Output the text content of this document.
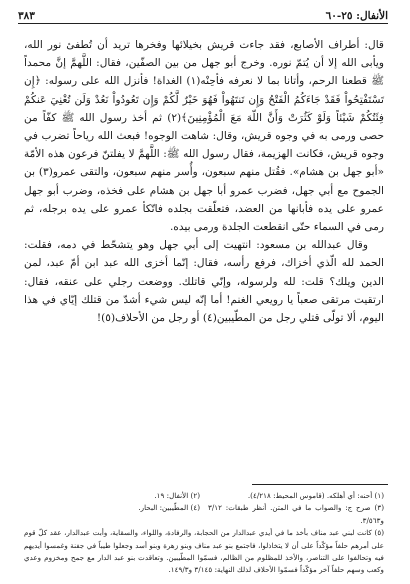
الأنفال: ٢٥-٦٠
٣٨٣

قال: أطراف الأصابع، فقد جاءت قريش بخيلائها وفخرها تريد أن تُطفئ نور الله، ويأبى الله إلا أن يُتمّ نوره. وخرج أبو جهل من بين الصفّين، فقال: اللَّهمَّ إنَّ محمداً ﷺ قطعنا الرحم، وأتانا بما لا نعرفه فأحِنْه(١) الغداة! فأنزل الله على رسوله: ﴿إِن تَسْتَفْتِحُواْ فَقَدْ جَاءَكُمُ الْفَتْحُ وَإِن تَنتَهُواْ فَهُوَ خَيْرٌ لَّكُمْ وَإِن تَعُودُواْ نَعُدْ وَلَن تُغْنِيَ عَنكُمْ فِئَتُكُمْ شَيْئاً وَلَوْ كَثُرَتْ وَأَنَّ اللّهَ مَعَ الْمُؤْمِنِينَ﴾(٢) ثم أخذ رسول الله ﷺ كفّاً من حصى ورمى به في وجوه قريش، وقال: شاهت الوجوه! فبعث الله رياحاً تضرب في وجوه قريش، فكانت الهزيمة، فقال رسول الله ﷺ: اللَّهمَّ لا يفلتنّ فرعون هذه الأمّة «أبو جهل بن هشام». فقُتل منهم سبعون، وأُسر منهم سبعون، والتقى عمرو(٣) بن الجموح مع أبي جهل، فضرب عمرو أبا جهل بن هشام على فخذه، وضرب أبو جهل عمرو على يده فأبانها من العضد، فتعلّقت بجلده فاتّكأ عمرو على يده برجله، ثم رمى في السماء حتّى انقطعت الجلدة ورمى بيده.

وقال عبدالله بن مسعود: انتهيت إلى أبي جهل وهو يتشحّط في دمه، فقلت: الحمد لله الّذي أخزاك، فرفع رأسه، فقال: إنّما أخزى الله عبد ابن أمّ عبد، لمن الدين ويلك؟ قلت: لله ولرسوله، وإنّي قاتلك. ووضعت رجلي على عنقه، فقال: ارتقيت مرتقى صعباً يا رويعي الغنم! أما إنّه ليس شيء أشدّ من قتلك إيّاي في هذا اليوم، ألا تولّى قتلي رجل من المطّيبين(٤) أو رجل من الأحلاف(٥)!

(١) أحنه: أي أهلكه. (قاموس المحيط: ٤/٢١٨).

(٢) الأنفال: ١٩.

(٣) صرح ج: والصواب ما في المتن. أنظر طبقات: ٣/١٢ و٣/٥٦٣.

(٤) المطّيبين: البحار.

(٥) كانت لبني عبد مناف بأخذ ما في أيدي عبدالدار من الحجابة، والرفادة، واللواء، والسقاية، وأبت عبدالدار، عقد كلّ قوم على أمرهم حلفاً مؤكّداً على أن لا يتخاذلوا، فاجتمع بنو عبد مناف وبنو زهرة وبنو أسد وجعلوا طيباً في جفنة وغمسوا أيديهم فيه وتحالفوا على التناصر، والأخذ للمظلوم من الظالم، فسمّوا المطّيبين. وتعاقدت بنو عبد الدار مع جمح ومخزوم وعدي وكعب وسهم حلفاً آخر مؤكّداً فسمّوا الأحلاف لذلك النهاية: ٣/١٤٥ و١٤٩/٣.
